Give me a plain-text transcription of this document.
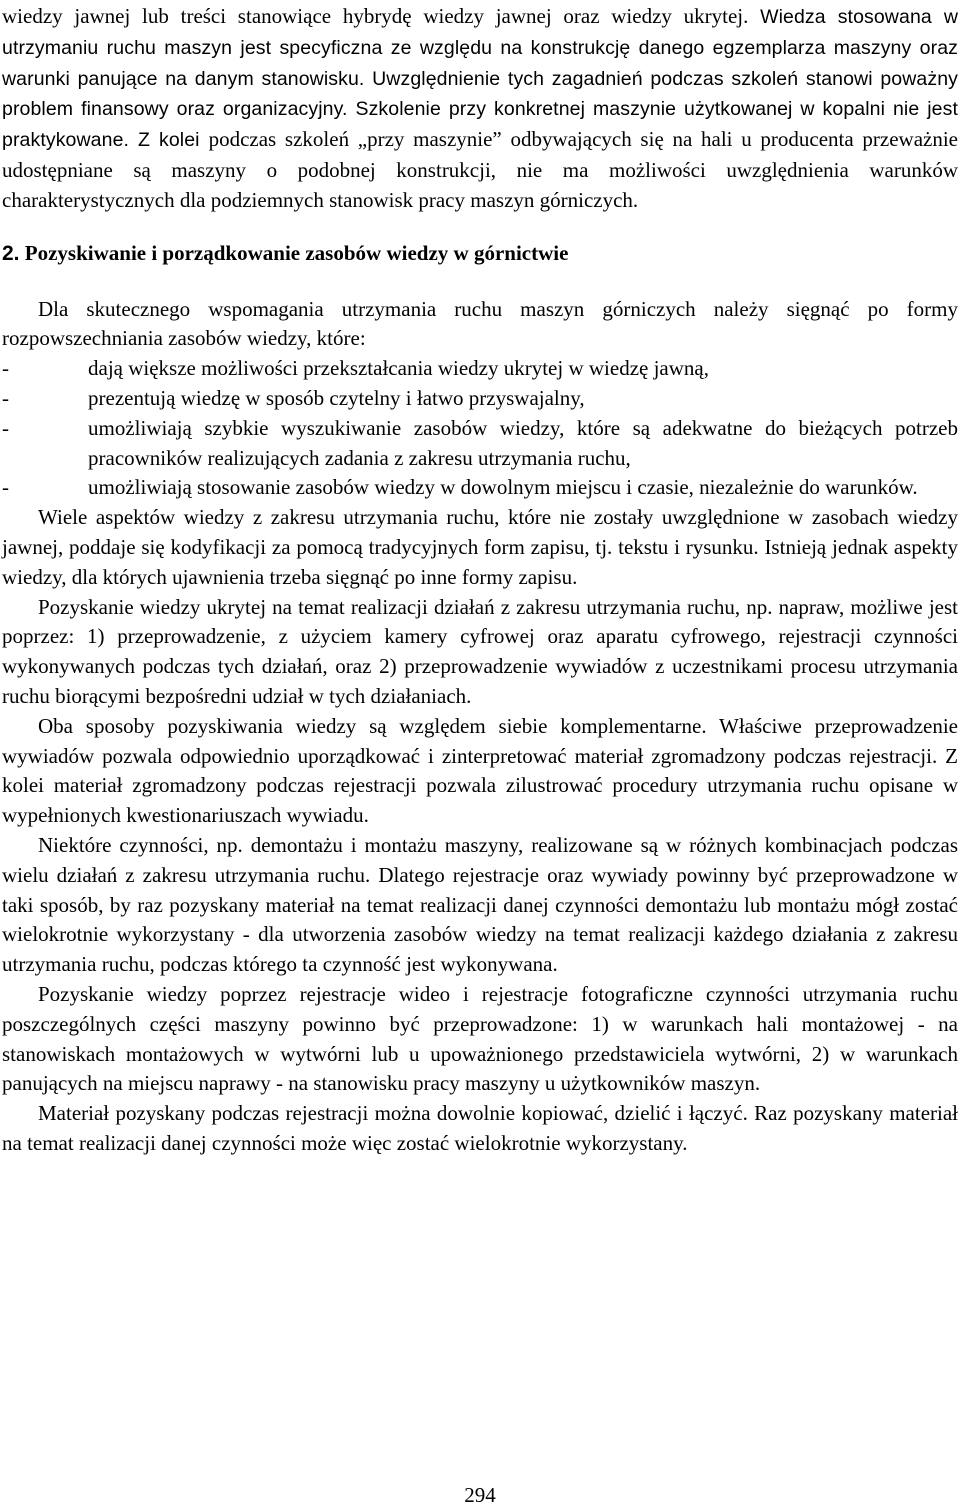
wiedzy jawnej lub treści stanowiące hybrydę wiedzy jawnej oraz wiedzy ukrytej. Wiedza stosowana w utrzymaniu ruchu maszyn jest specyficzna ze względu na konstrukcję danego egzemplarza maszyny oraz warunki panujące na danym stanowisku. Uwzględnienie tych zagadnień podczas szkoleń stanowi poważny problem finansowy oraz organizacyjny. Szkolenie przy konkretnej maszynie użytkowanej w kopalni nie jest praktykowane. Z kolei podczas szkoleń „przy maszynie” odbywających się na hali u producenta przeważnie udostępniane są maszyny o podobnej konstrukcji, nie ma możliwości uwzględnienia warunków charakterystycznych dla podziemnych stanowisk pracy maszyn górniczych.

2. Pozyskiwanie i porządkowanie zasobów wiedzy w górnictwie

Dla skutecznego wspomagania utrzymania ruchu maszyn górniczych należy sięgnąć po formy rozpowszechniania zasobów wiedzy, które:

-	dają większe możliwości przekształcania wiedzy ukrytej w wiedzę jawną,
-	prezentują wiedzę w sposób czytelny i łatwo przyswajalny,
-	umożliwiają szybkie wyszukiwanie zasobów wiedzy, które są adekwatne do bieżących potrzeb pracowników realizujących zadania z zakresu utrzymania ruchu,
-	umożliwiają stosowanie zasobów wiedzy w dowolnym miejscu i czasie, niezależnie do warunków.

Wiele aspektów wiedzy z zakresu utrzymania ruchu, które nie zostały uwzględnione w zasobach wiedzy jawnej, poddaje się kodyfikacji za pomocą tradycyjnych form zapisu, tj. tekstu i rysunku. Istnieją jednak aspekty wiedzy, dla których ujawnienia trzeba sięgnąć po inne formy zapisu.

Pozyskanie wiedzy ukrytej na temat realizacji działań z zakresu utrzymania ruchu, np. napraw, możliwe jest poprzez: 1) przeprowadzenie, z użyciem kamery cyfrowej oraz aparatu cyfrowego, rejestracji czynności wykonywanych podczas tych działań, oraz 2) przeprowadzenie wywiadów z uczestnikami procesu utrzymania ruchu biorącymi bezpośredni udział w tych działaniach.

Oba sposoby pozyskiwania wiedzy są względem siebie komplementarne. Właściwe przeprowadzenie wywiadów pozwala odpowiednio uporządkować i zinterpretować materiał zgromadzony podczas rejestracji. Z kolei materiał zgromadzony podczas rejestracji pozwala zilustrować procedury utrzymania ruchu opisane w wypełnionych kwestionariuszach wywiadu.

Niektóre czynności, np. demontażu i montażu maszyny, realizowane są w różnych kombinacjach podczas wielu działań z zakresu utrzymania ruchu. Dlatego rejestracje oraz wywiady powinny być przeprowadzone w taki sposób, by raz pozyskany materiał na temat realizacji danej czynności demontażu lub montażu mógł zostać wielokrotnie wykorzystany - dla utworzenia zasobów wiedzy na temat realizacji każdego działania z zakresu utrzymania ruchu, podczas którego ta czynność jest wykonywana.

Pozyskanie wiedzy poprzez rejestracje wideo i rejestracje fotograficzne czynności utrzymania ruchu poszczególnych części maszyny powinno być przeprowadzone: 1) w warunkach hali montażowej - na stanowiskach montażowych w wytwórni lub u upoważnionego przedstawiciela wytwórni, 2) w warunkach panujących na miejscu naprawy - na stanowisku pracy maszyny u użytkowników maszyn.

Materiał pozyskany podczas rejestracji można dowolnie kopiować, dzielić i łączyć. Raz pozyskany materiał na temat realizacji danej czynności może więc zostać wielokrotnie wykorzystany.

294
